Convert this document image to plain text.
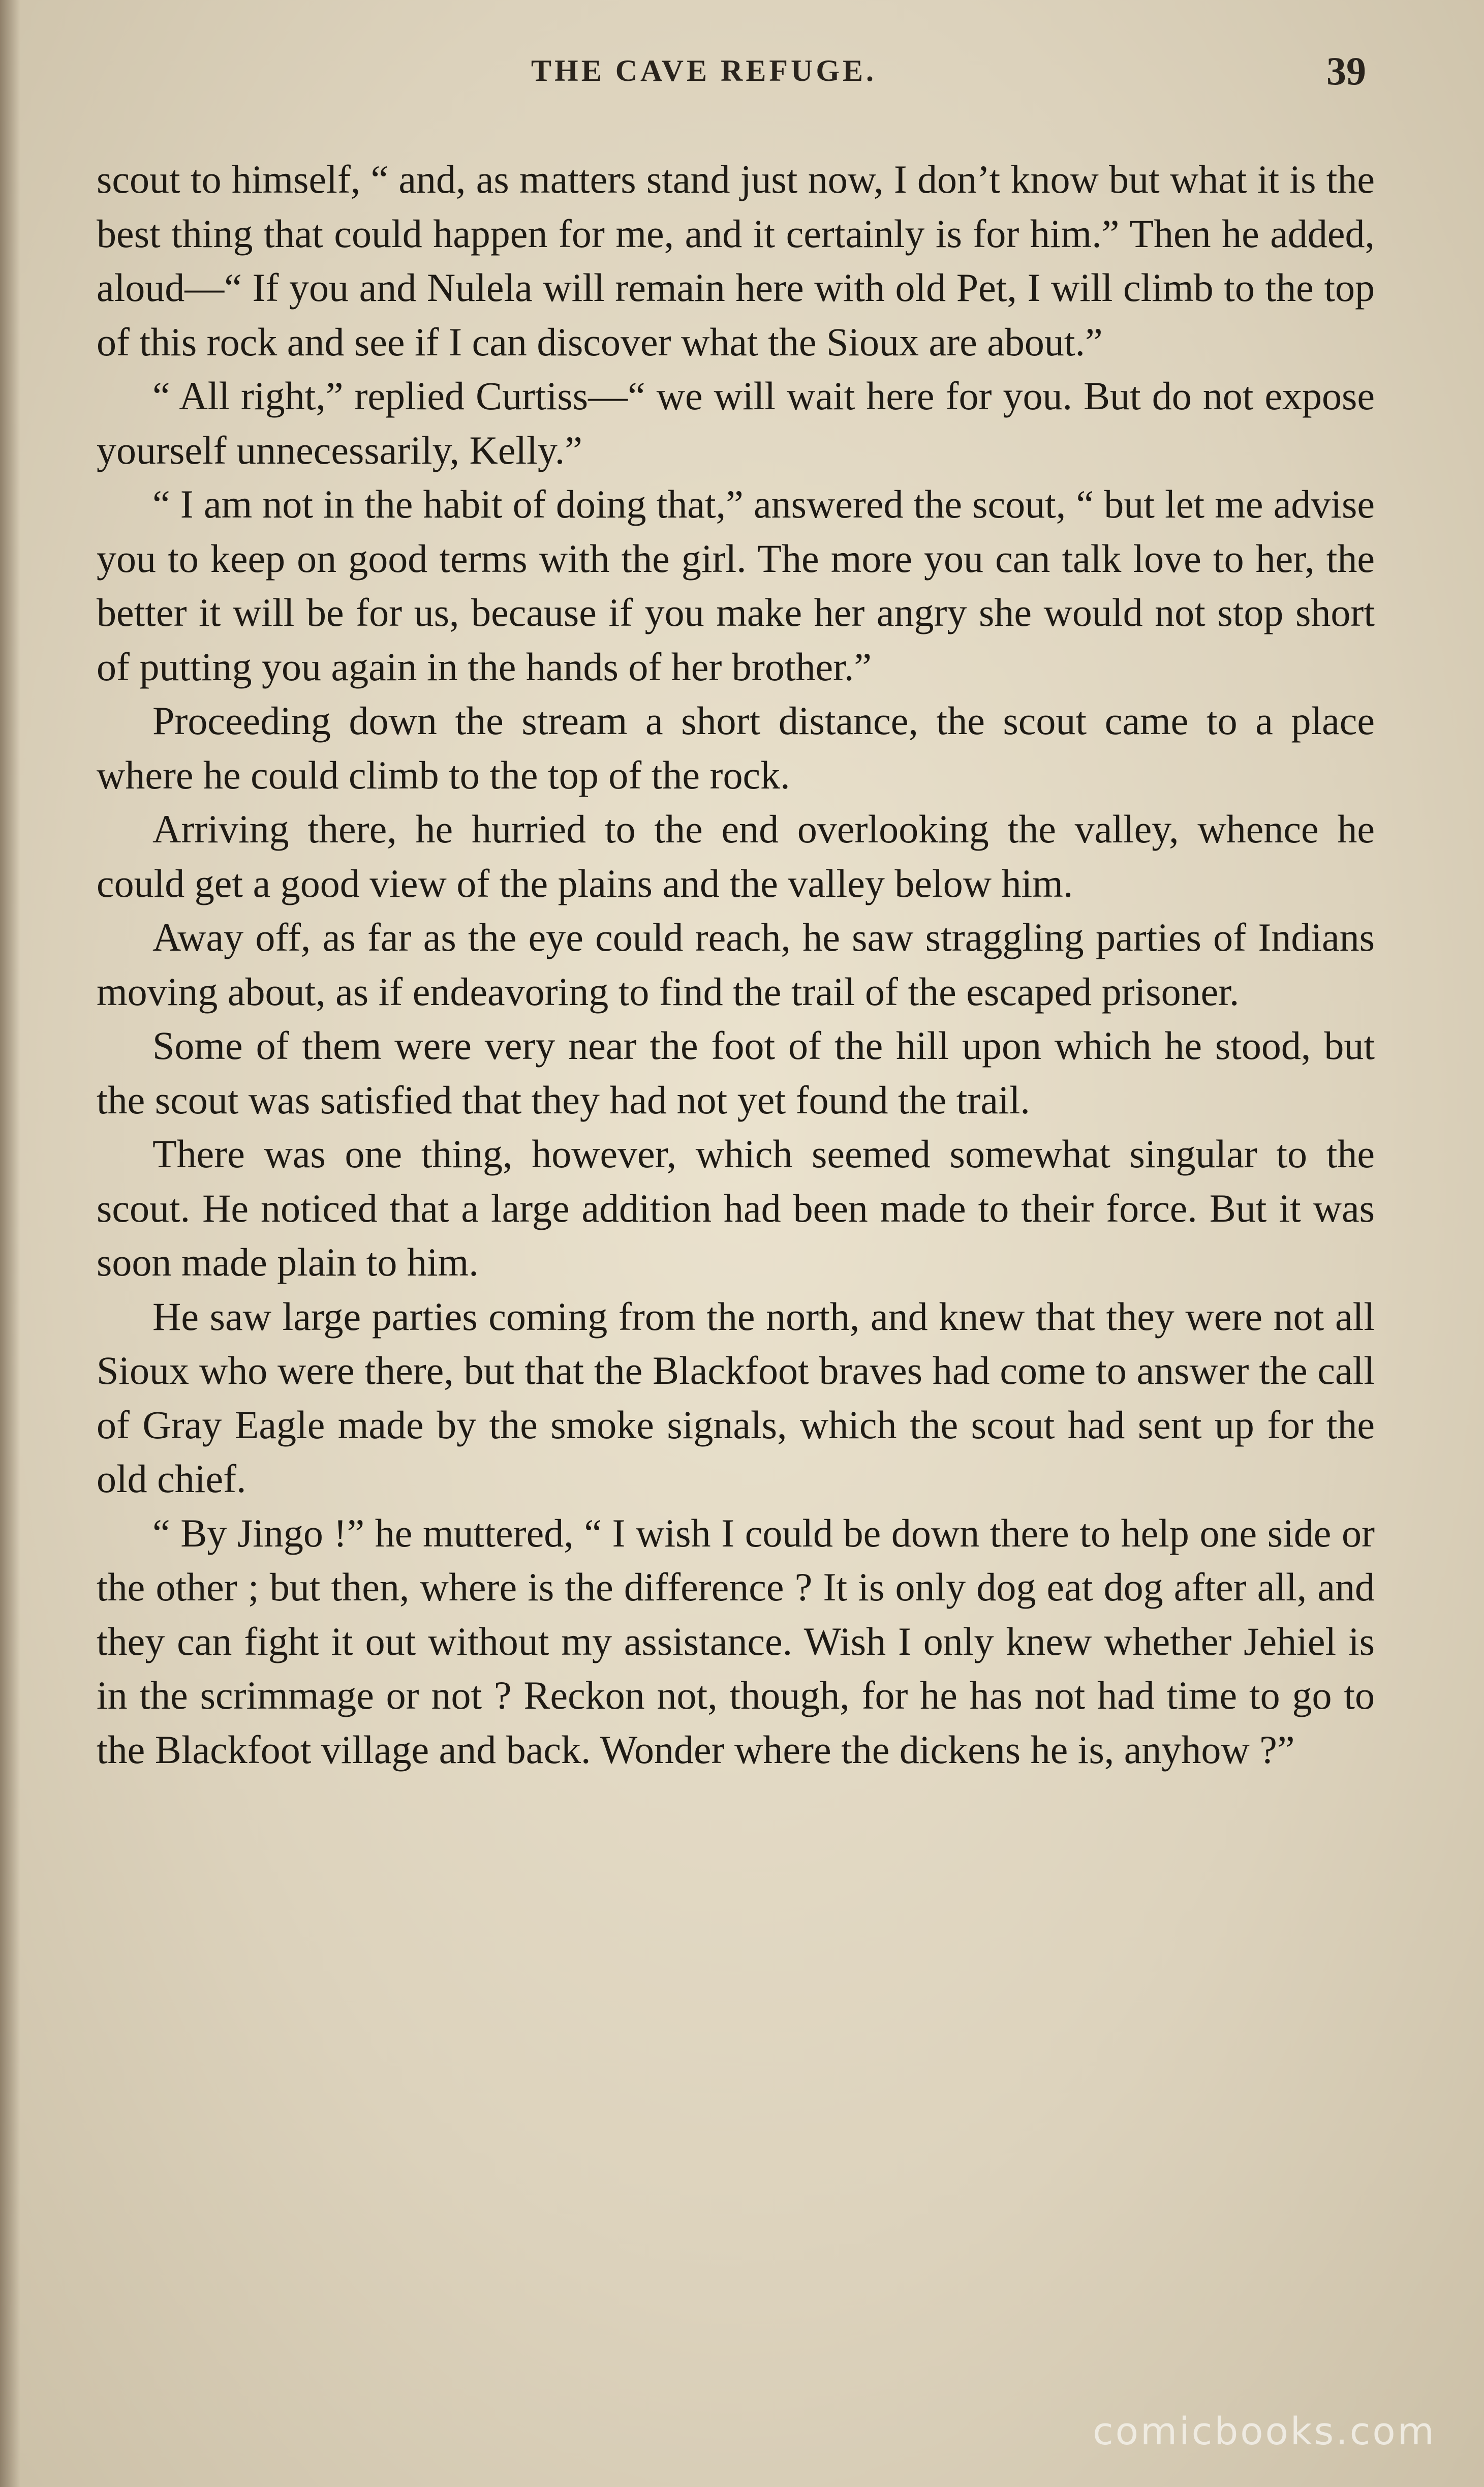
THE CAVE REFUGE.	39

scout to himself, “ and, as matters stand just now, I don’t know but what it is the best thing that could happen for me, and it certainly is for him.” Then he added, aloud—“ If you and Nulela will remain here with old Pet, I will climb to the top of this rock and see if I can discover what the Sioux are about.”

“ All right,” replied Curtiss—“ we will wait here for you. But do not expose yourself unnecessarily, Kelly.”

“ I am not in the habit of doing that,” answered the scout, “ but let me advise you to keep on good terms with the girl. The more you can talk love to her, the better it will be for us, because if you make her angry she would not stop short of putting you again in the hands of her brother.”

Proceeding down the stream a short distance, the scout came to a place where he could climb to the top of the rock.

Arriving there, he hurried to the end overlooking the valley, whence he could get a good view of the plains and the valley below him.

Away off, as far as the eye could reach, he saw straggling parties of Indians moving about, as if endeavoring to find the trail of the escaped prisoner.

Some of them were very near the foot of the hill upon which he stood, but the scout was satisfied that they had not yet found the trail.

There was one thing, however, which seemed somewhat singular to the scout. He noticed that a large addition had been made to their force. But it was soon made plain to him.

He saw large parties coming from the north, and knew that they were not all Sioux who were there, but that the Blackfoot braves had come to answer the call of Gray Eagle made by the smoke signals, which the scout had sent up for the old chief.

“ By Jingo !” he muttered, “ I wish I could be down there to help one side or the other ; but then, where is the difference ? It is only dog eat dog after all, and they can fight it out without my assistance. Wish I only knew whether Jehiel is in the scrimmage or not ? Reckon not, though, for he has not had time to go to the Blackfoot village and back. Wonder where the dickens he is, anyhow ?”

comicbooks.com
